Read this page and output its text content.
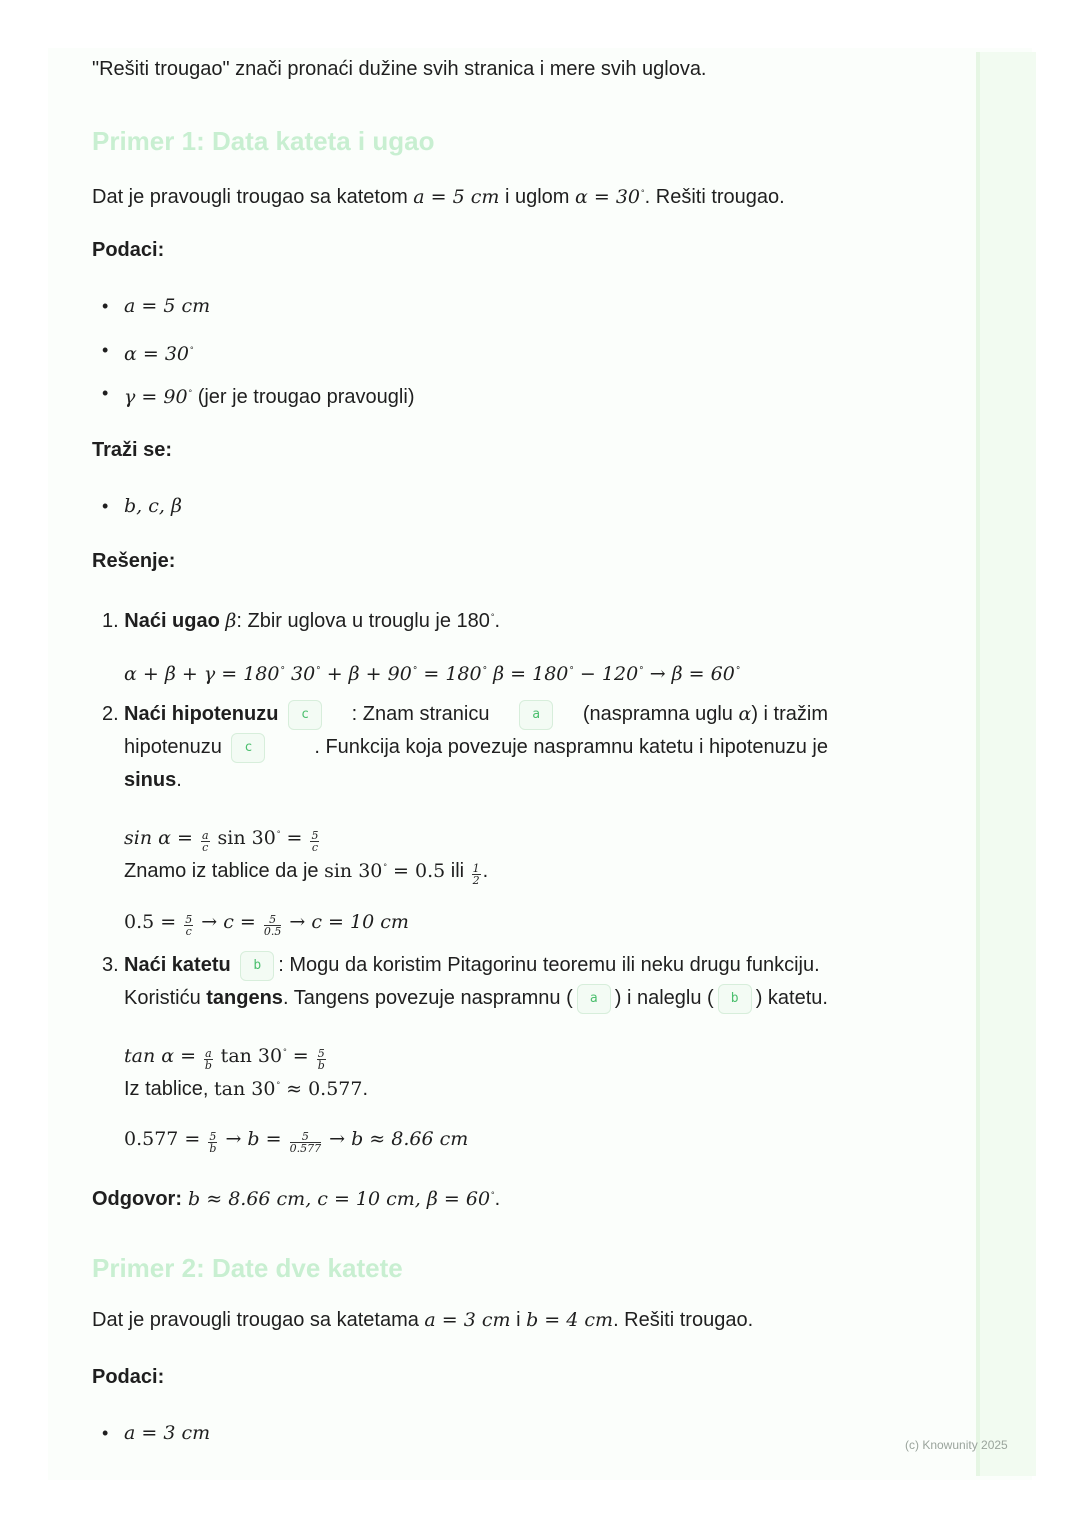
"Rešiti trougao" znači pronaći dužine svih stranica i mere svih uglova.
Primer 1: Data kateta i ugao
Dat je pravougli trougao sa katetom a = 5 cm i uglom α = 30°. Rešiti trougao.
Podaci:
• a = 5 cm
• α = 30°
• γ = 90° (jer je trougao pravougli)
Traži se:
• b, c, β
Rešenje:
1. Naći ugao β: Zbir uglova u trouglu je 180°.
α + β + γ = 180° 30° + β + 90° = 180° β = 180° − 120° → β = 60°
2. Naći hipotenuzu c	: Znam stranicu	a	(naspramna uglu α) i tražim
hipotenuzu c	. Funkcija koja povezuje naspramnu katetu i hipotenuzu je
sinus.
$\sin \alpha = \frac{a}{c}$ $\sin 30^\circ = \frac{5}{c}$
Znamo iz tablice da je sin 30° = 0.5 ili $\frac{1}{2}$ .
$0.5 = \frac{5}{c} \to c = \frac{5}{0.5} \to c = 10$ cm
3. Naći katetu b : Mogu da koristim Pitagorinu teoremu ili neku drugu funkciju.
Koristiću tangens. Tangens povezuje naspramnu ( a ) i naleglu ( b ) katetu.
$\tan \alpha = \frac{a}{b}$ $\tan 30^\circ = \frac{5}{b}$
Iz tablice, tan 30° ≈ 0.577.
$0.577 = \frac{5}{b} \to b = \frac{5}{0.577} \to b \approx 8.66$ cm
Odgovor: b ≈ 8.66 cm, c = 10 cm, β = 60°.
Primer 2: Date dve katete
Dat je pravougli trougao sa katetama a = 3 cm i b = 4 cm. Rešiti trougao.
Podaci:
• a = 3 cm
(c) Knowunity 2025
